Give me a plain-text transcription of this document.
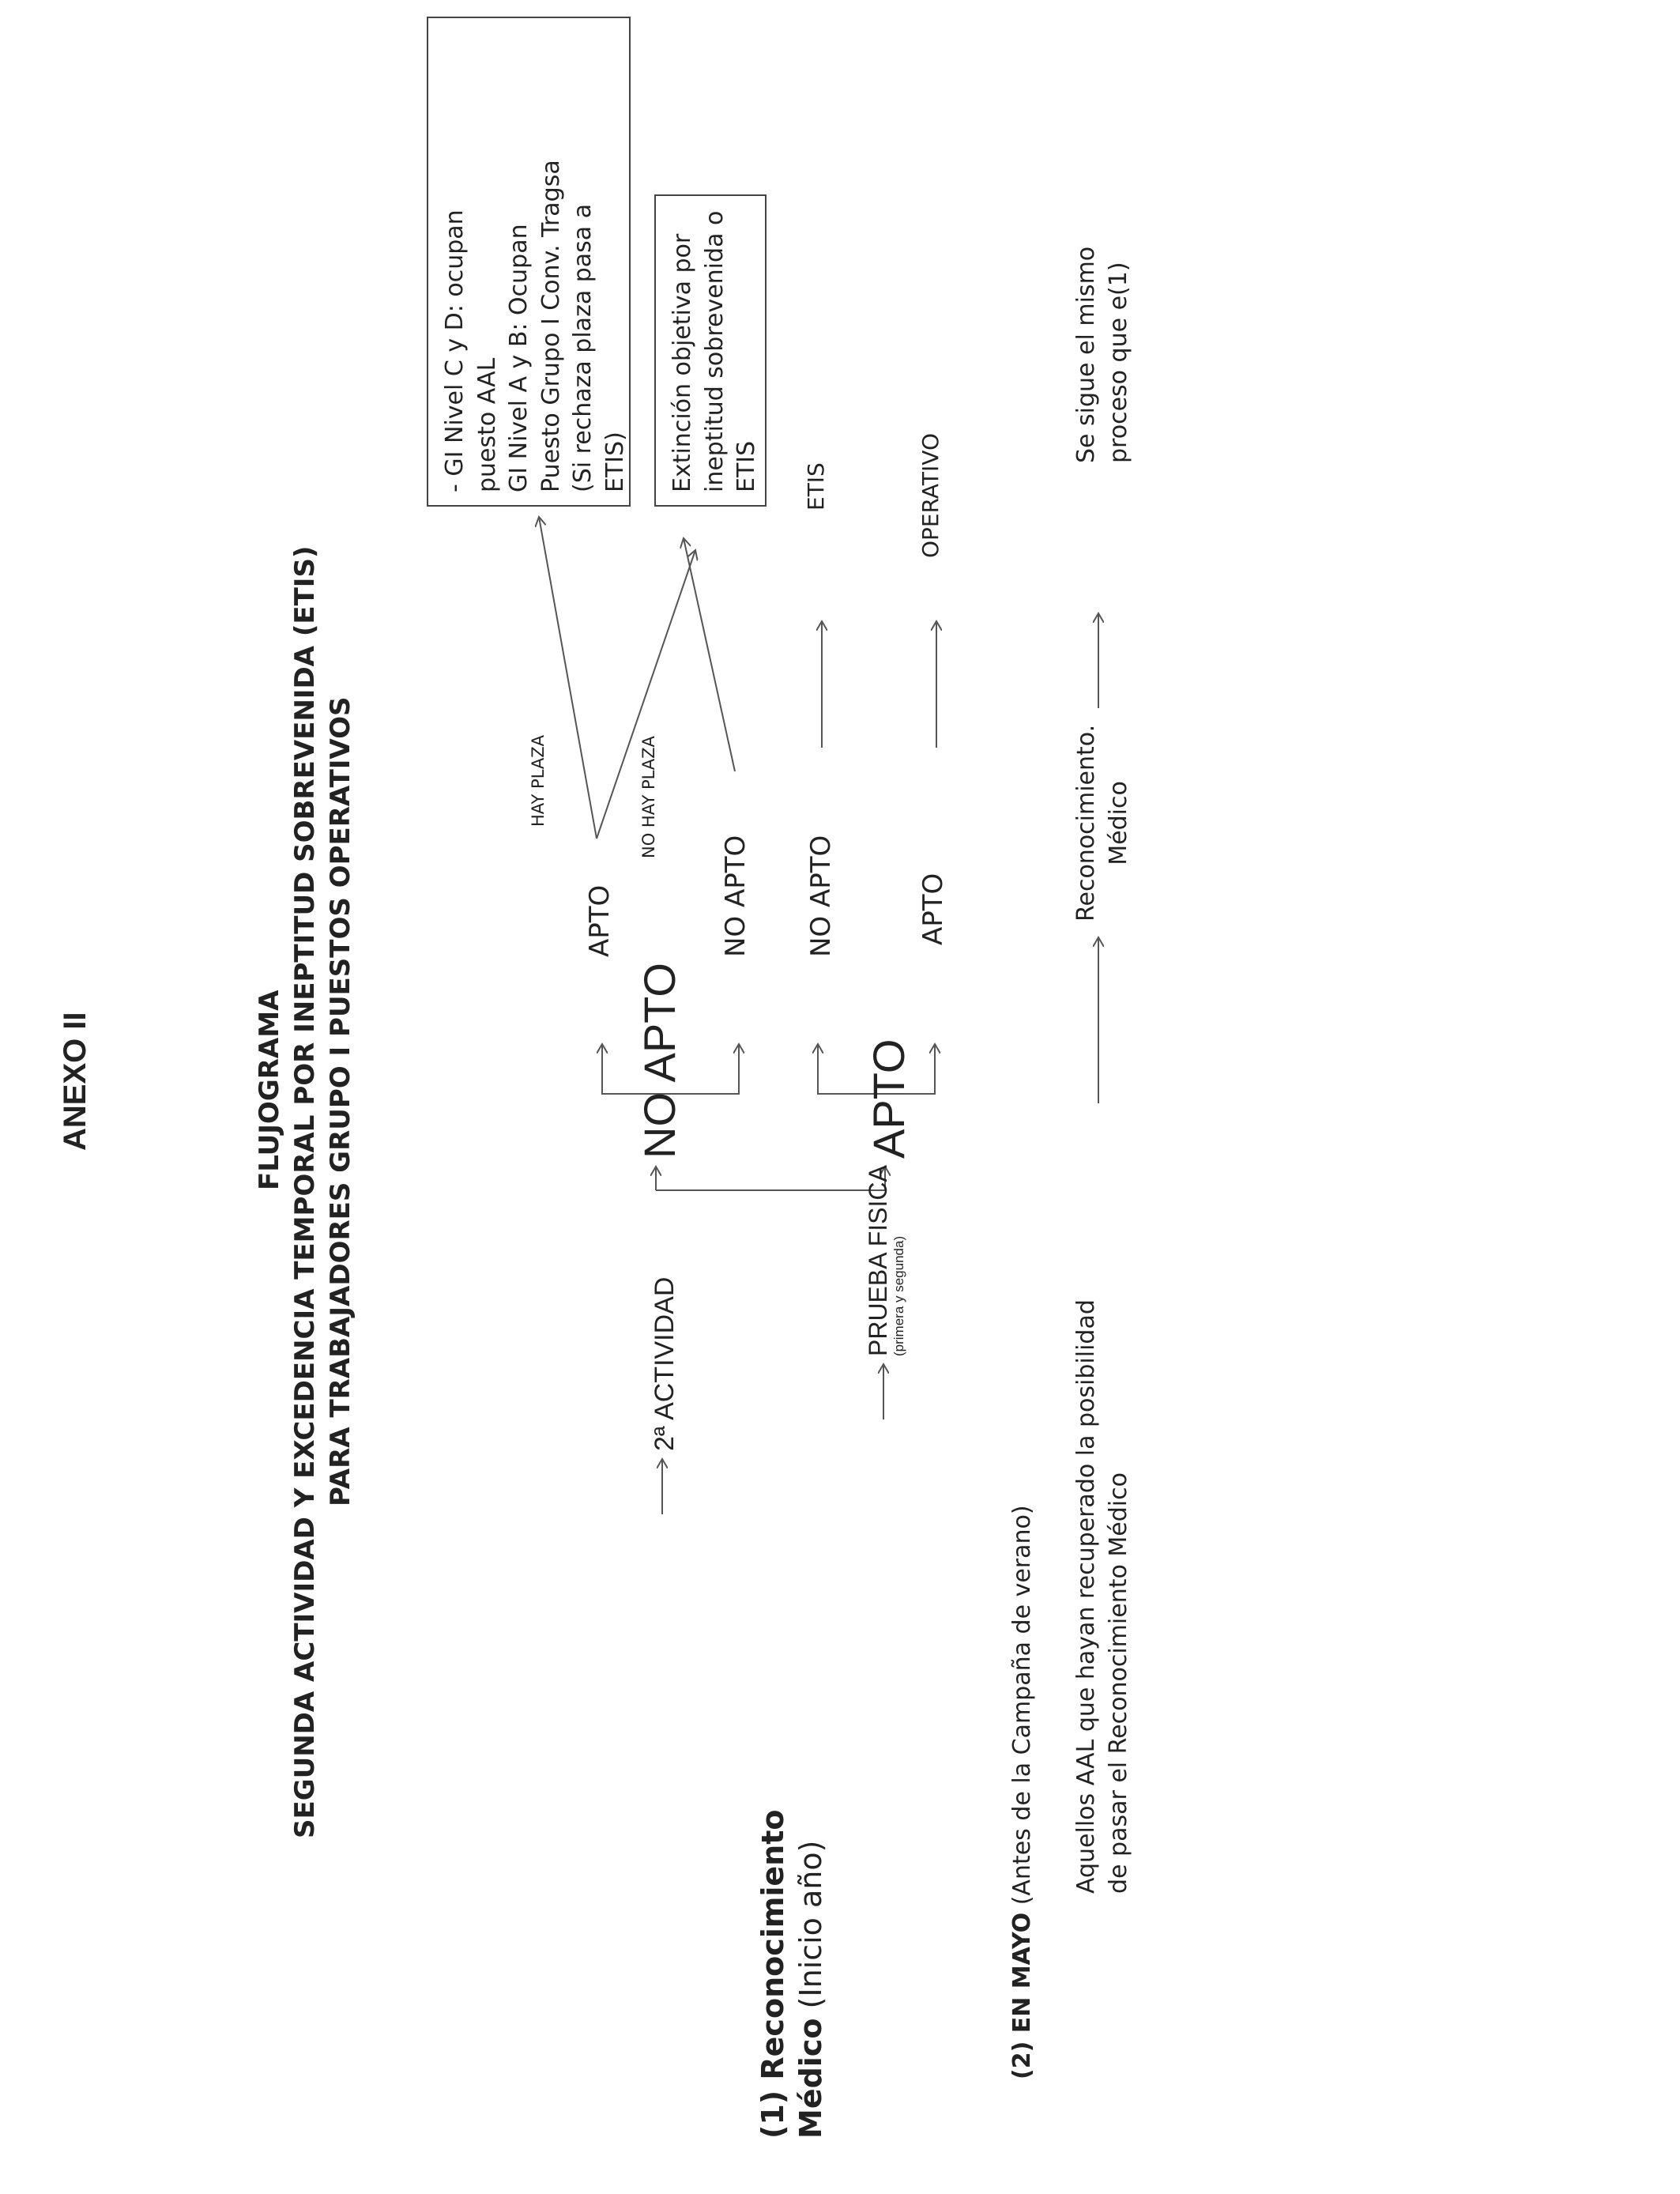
ANEXO II	FLUJOGRAMA SEGUNDA ACTIVIDAD Y EXCEDENCIA TEMPORAL POR INEPTITUD SOBREVENIDA (ETIS) PARA TRABAJADORES GRUPO I PUESTOS OPERATIVOS
(1) Reconocimiento
Médico (Inicio año)
NO APTO	APTO
2ª ACTIVIDAD
PRUEBA FISICA
(primera y segunda)
APTO	NO APTO
HAY PLAZA	NO HAY PLAZA
NO APTO	APTO
ETIS	OPERATIVO
- GI Nivel C y D: ocupan puesto AAL GI Nivel A y B: Ocupan Puesto Grupo I Conv. Tragsa (Si rechaza plaza pasa a ETIS) Extinción objetiva por ineptitud sobrevenida o ETIS
(2) EN MAYO (Antes de la Campaña de verano) Aquellos AAL que hayan recuperado la posibilidad de pasar el Reconocimiento Médico
Reconocimiento. Médico
Se sigue el mismo proceso que e(1)
